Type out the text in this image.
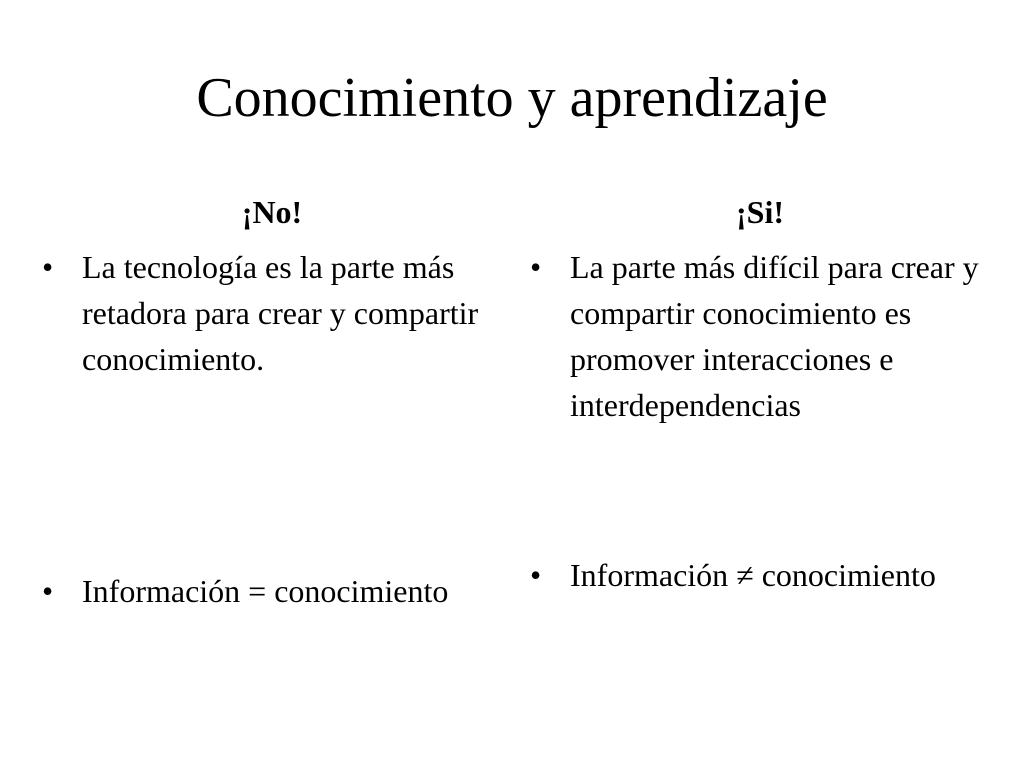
Conocimiento y aprendizaje
¡No!	¡Si!
• La tecnología es la parte más retadora para crear y compartir conocimiento.
• Información = conocimiento
• La parte más difícil para crear y compartir conocimiento es promover interacciones e interdependencias
• Información ≠ conocimiento
